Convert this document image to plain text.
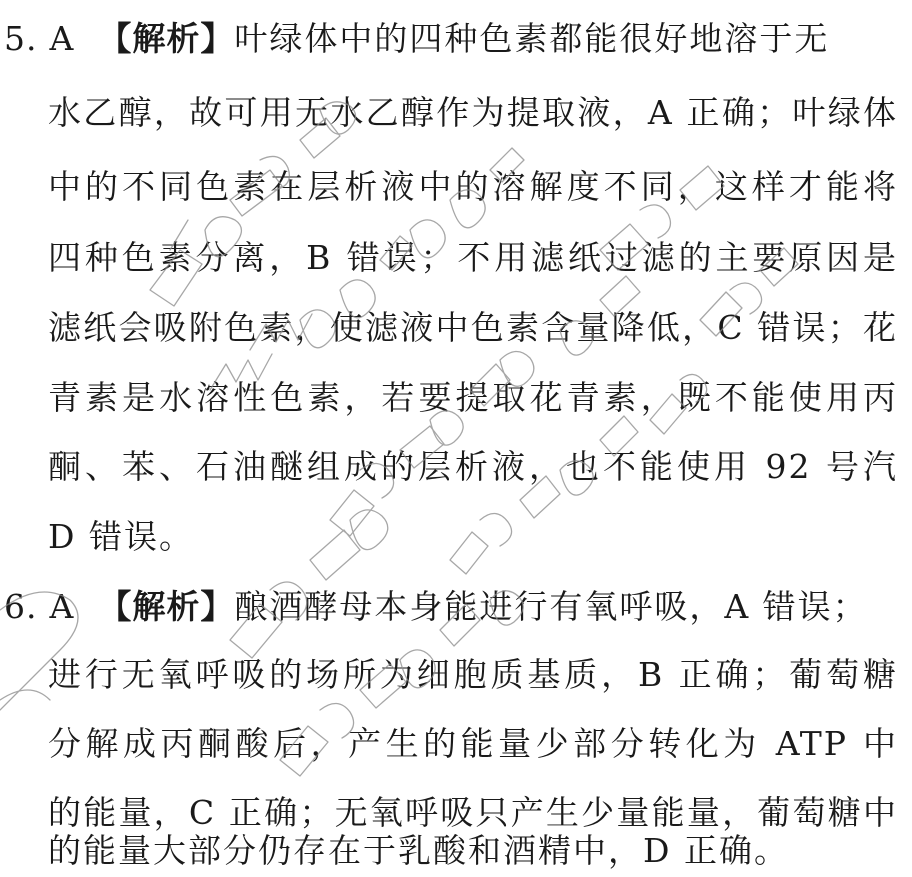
5. A 【解析】叶绿体中的四种色素都能很好地溶于无
水乙醇，故可用无水乙醇作为提取液，A 正确；叶绿体
中的不同色素在层析液中的溶解度不同，这样才能将
四种色素分离，B 错误；不用滤纸过滤的主要原因是
滤纸会吸附色素，使滤液中色素含量降低，C 错误；花
青素是水溶性色素，若要提取花青素，既不能使用丙
酮、苯、石油醚组成的层析液，也不能使用 92 号汽
D 错误。
6. A 【解析】酿酒酵母本身能进行有氧呼吸，A 错误；
进行无氧呼吸的场所为细胞质基质，B 正确；葡萄糖
分解成丙酮酸后，产生的能量少部分转化为 ATP 中
的能量，C 正确；无氧呼吸只产生少量能量，葡萄糖中
的能量大部分仍存在于乳酸和酒精中，D 正确。
